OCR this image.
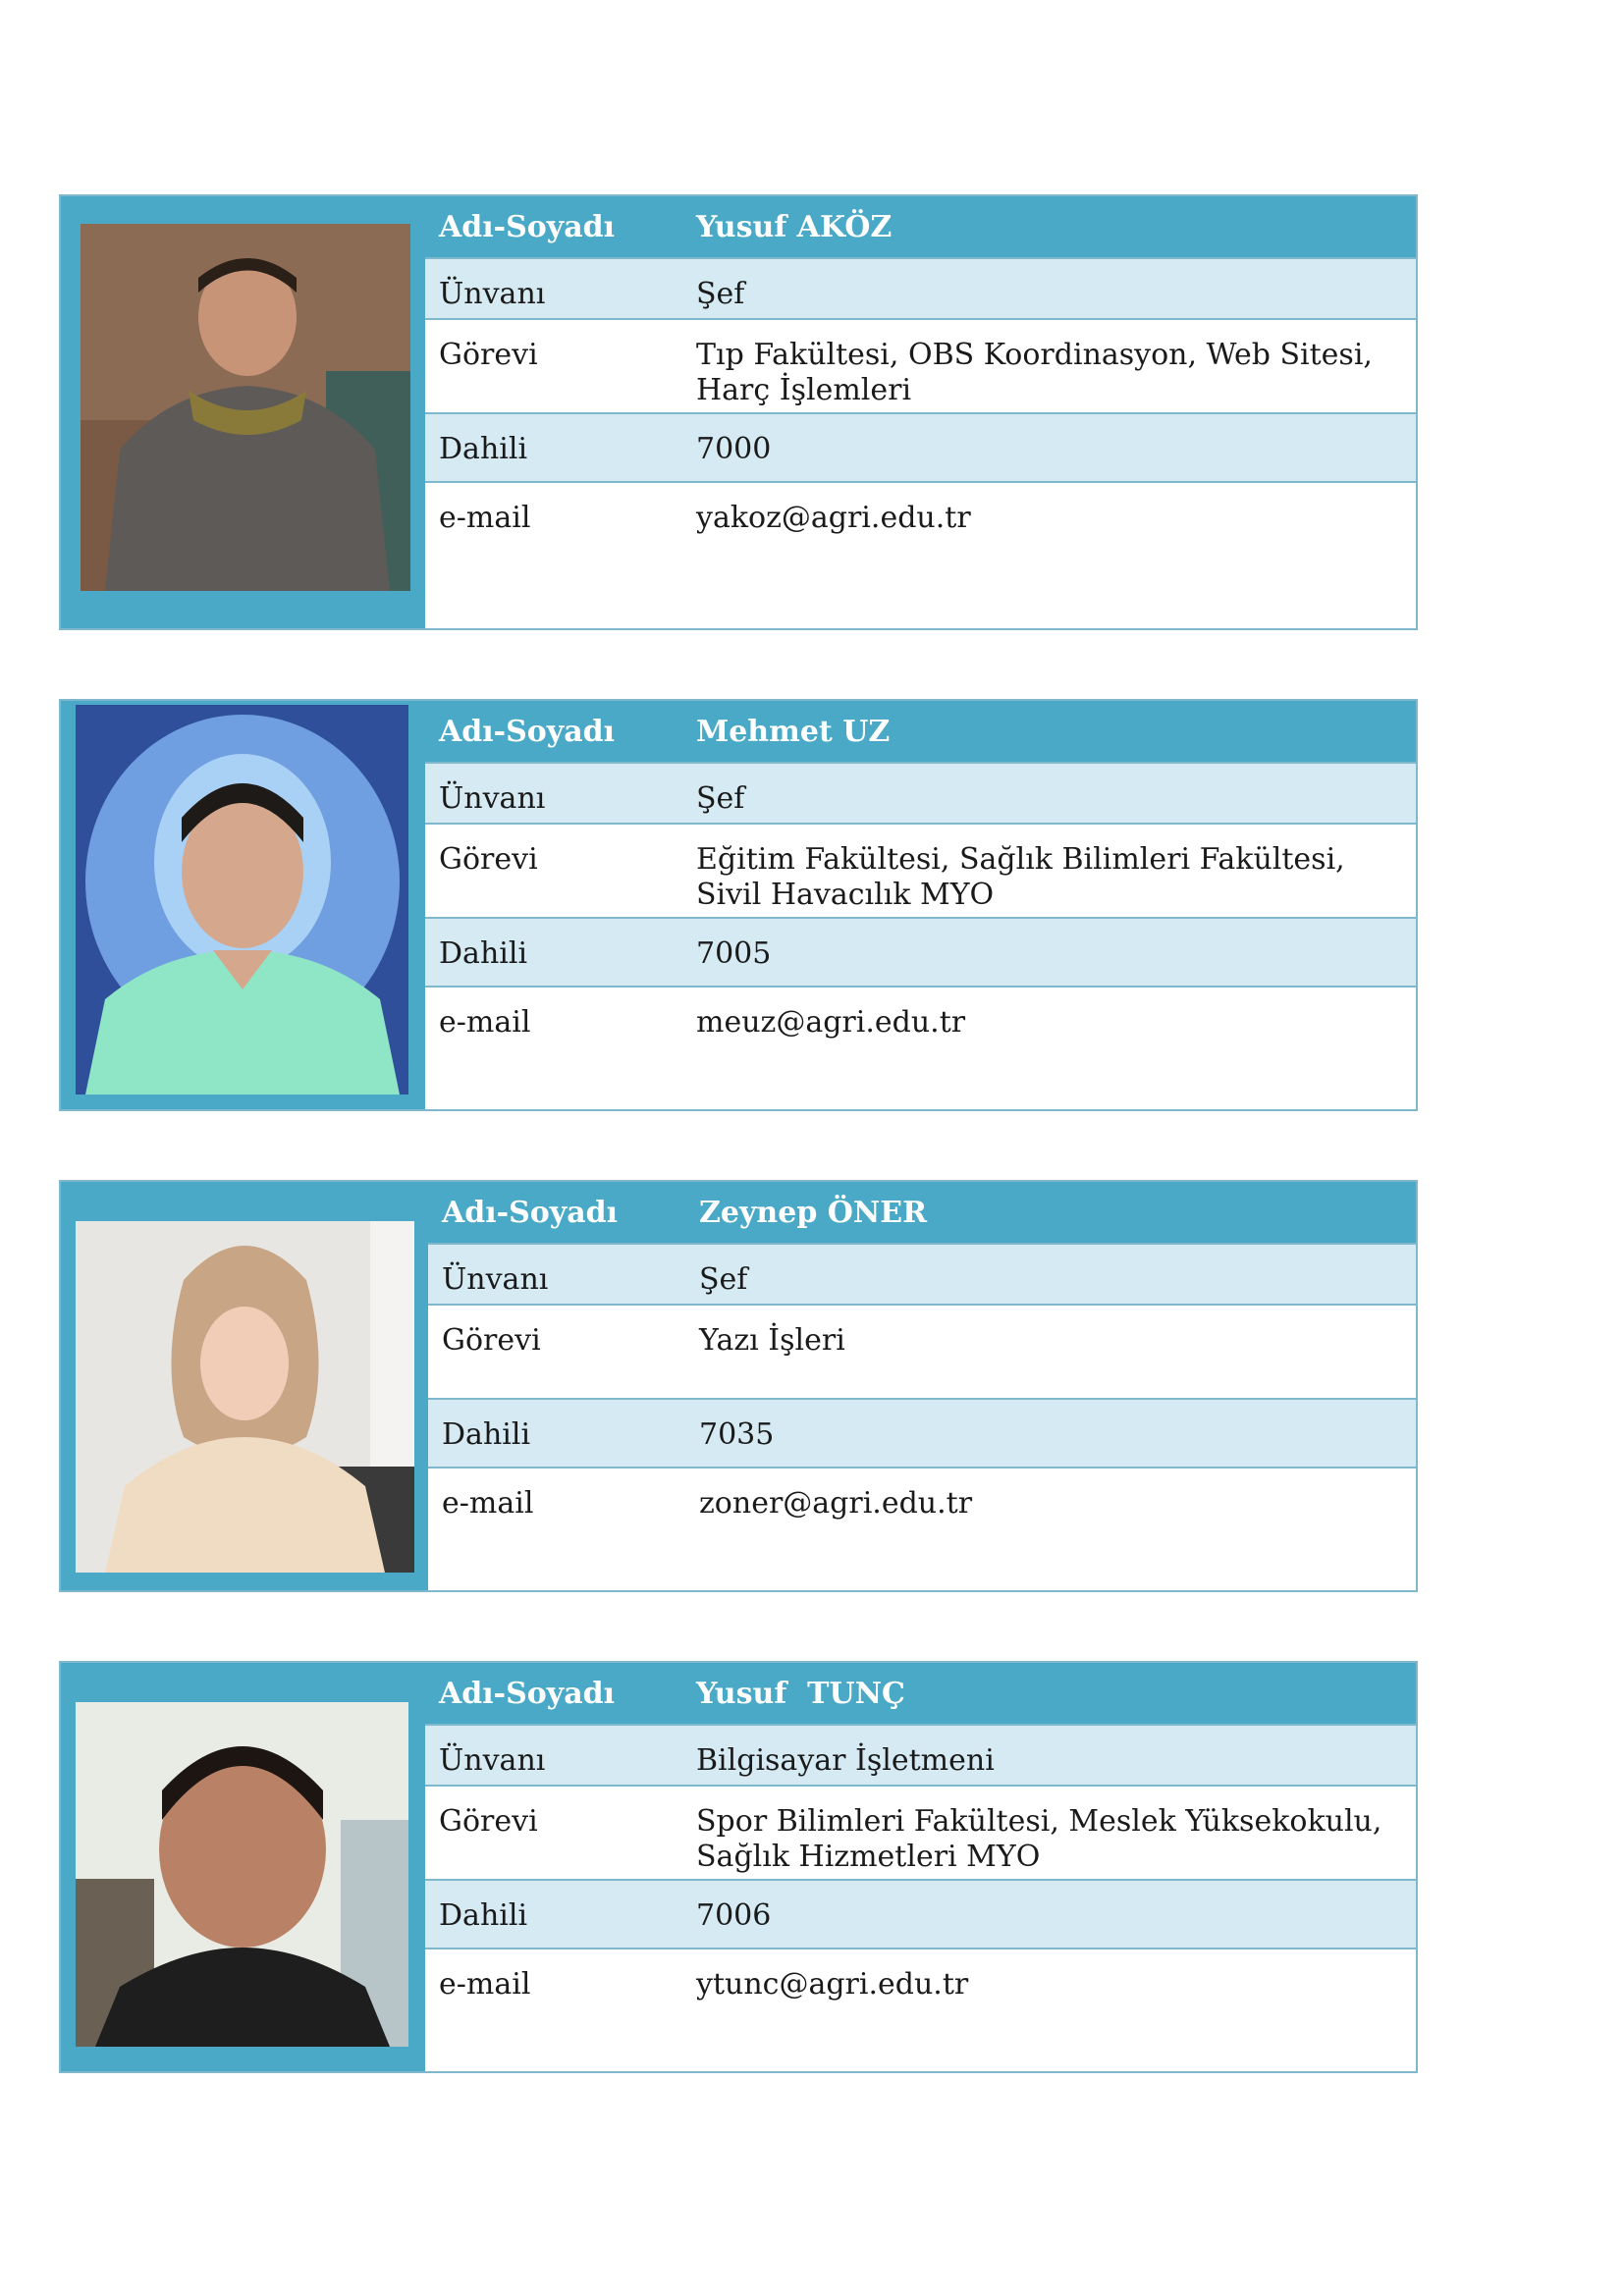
Adı-Soyadı	Yusuf AKÖZ
Ünvanı	Şef
Görevi	Tıp Fakültesi, OBS Koordinasyon, Web Sitesi, Harç İşlemleri
Dahili	7000
e-mail	yakoz@agri.edu.tr
Adı-Soyadı	Mehmet UZ
Ünvanı	Şef
Görevi	Eğitim Fakültesi, Sağlık Bilimleri Fakültesi, Sivil Havacılık MYO
Dahili	7005
e-mail	meuz@agri.edu.tr
Adı-Soyadı	Zeynep ÖNER
Ünvanı	Şef
Görevi	Yazı İşleri
Dahili	7035
e-mail	zoner@agri.edu.tr
Adı-Soyadı	Yusuf  TUNÇ
Ünvanı	Bilgisayar İşletmeni
Görevi	Spor Bilimleri Fakültesi, Meslek Yüksekokulu, Sağlık Hizmetleri MYO
Dahili	7006
e-mail	ytunc@agri.edu.tr
